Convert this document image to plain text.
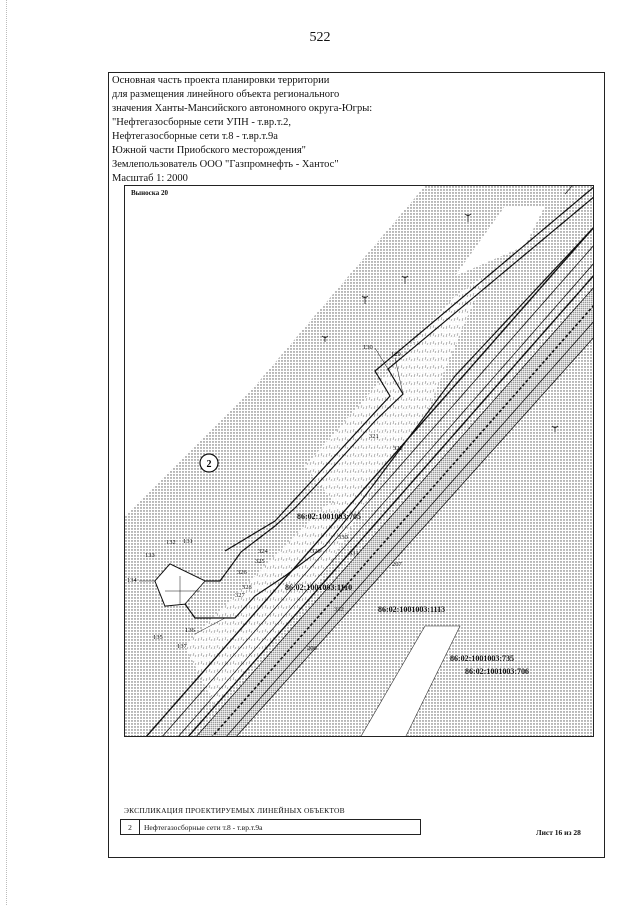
522
Основная часть проекта планировки территории
для размещения линейного объекта регионального
значения Ханты-Мансийского автономного округа-Югры:
"Нефтегазосборные сети УПН - т.вр.т.2,
Нефтегазосборные сети т.8 - т.вр.т.9а
Южной части Приобского месторождения"
Землепользователь ООО "Газпромнефть - Хантос"
Масштаб 1: 2000
2
86:02:1001003:705
86:02:1001003:1110
86:02:1001003:1113
86:02:1001003:735
86:02:1001003:706
130
129
321
322
330
331
329
324
325
326
328
327
132 131
133
134
136
135
137
332
206
207
Выноска 20
ЭКСПЛИКАЦИЯ ПРОЕКТИРУЕМЫХ ЛИНЕЙНЫХ ОБЪЕКТОВ
2	Нефтегазосборные сети т.8 - т.вр.т.9а
Лист 16 из 28
